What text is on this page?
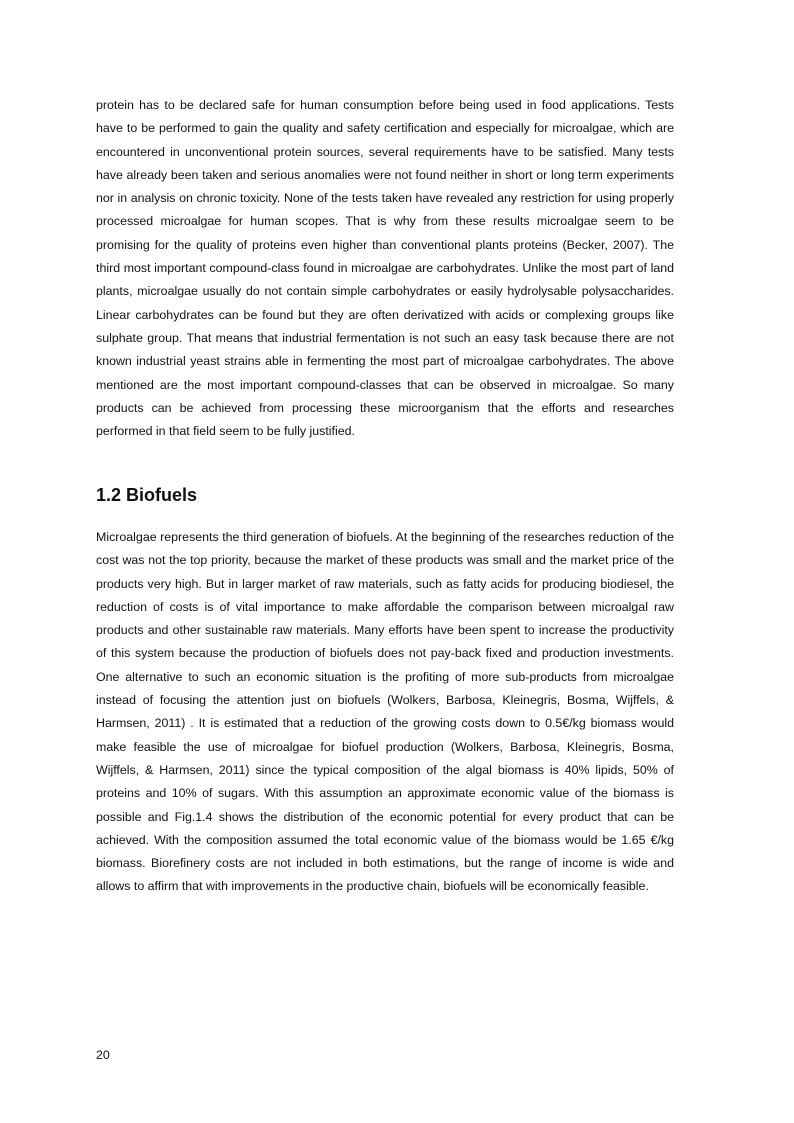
protein has to be declared safe for human consumption before being used in food applications. Tests have to be performed to gain the quality and safety certification and especially for microalgae, which are encountered in unconventional protein sources, several requirements have to be satisfied. Many tests have already been taken and serious anomalies were not found neither in short or long term experiments nor in analysis on chronic toxicity. None of the tests taken have revealed any restriction for using properly processed microalgae for human scopes. That is why from these results microalgae seem to be promising for the quality of proteins even higher than conventional plants proteins (Becker, 2007). The third most important compound-class found in microalgae are carbohydrates. Unlike the most part of land plants, microalgae usually do not contain simple carbohydrates or easily hydrolysable polysaccharides. Linear carbohydrates can be found but they are often derivatized with acids or complexing groups like sulphate group. That means that industrial fermentation is not such an easy task because there are not known industrial yeast strains able in fermenting the most part of microalgae carbohydrates. The above mentioned are the most important compound-classes that can be observed in microalgae. So many products can be achieved from processing these microorganism that the efforts and researches performed in that field seem to be fully justified.

1.2 Biofuels

Microalgae represents the third generation of biofuels. At the beginning of the researches reduction of the cost was not the top priority, because the market of these products was small and the market price of the products very high. But in larger market of raw materials, such as fatty acids for producing biodiesel, the reduction of costs is of vital importance to make affordable the comparison between microalgal raw products and other sustainable raw materials. Many efforts have been spent to increase the productivity of this system because the production of biofuels does not pay-back fixed and production investments. One alternative to such an economic situation is the profiting of more sub-products from microalgae instead of focusing the attention just on biofuels (Wolkers, Barbosa, Kleinegris, Bosma, Wijffels, & Harmsen, 2011) . It is estimated that a reduction of the growing costs down to 0.5€/kg biomass would make feasible the use of microalgae for biofuel production (Wolkers, Barbosa, Kleinegris, Bosma, Wijffels, & Harmsen, 2011) since the typical composition of the algal biomass is 40% lipids, 50% of proteins and 10% of sugars. With this assumption an approximate economic value of the biomass is possible and Fig.1.4 shows the distribution of the economic potential for every product that can be achieved. With the composition assumed the total economic value of the biomass would be 1.65 €/kg biomass. Biorefinery costs are not included in both estimations, but the range of income is wide and allows to affirm that with improvements in the productive chain, biofuels will be economically feasible.

20
